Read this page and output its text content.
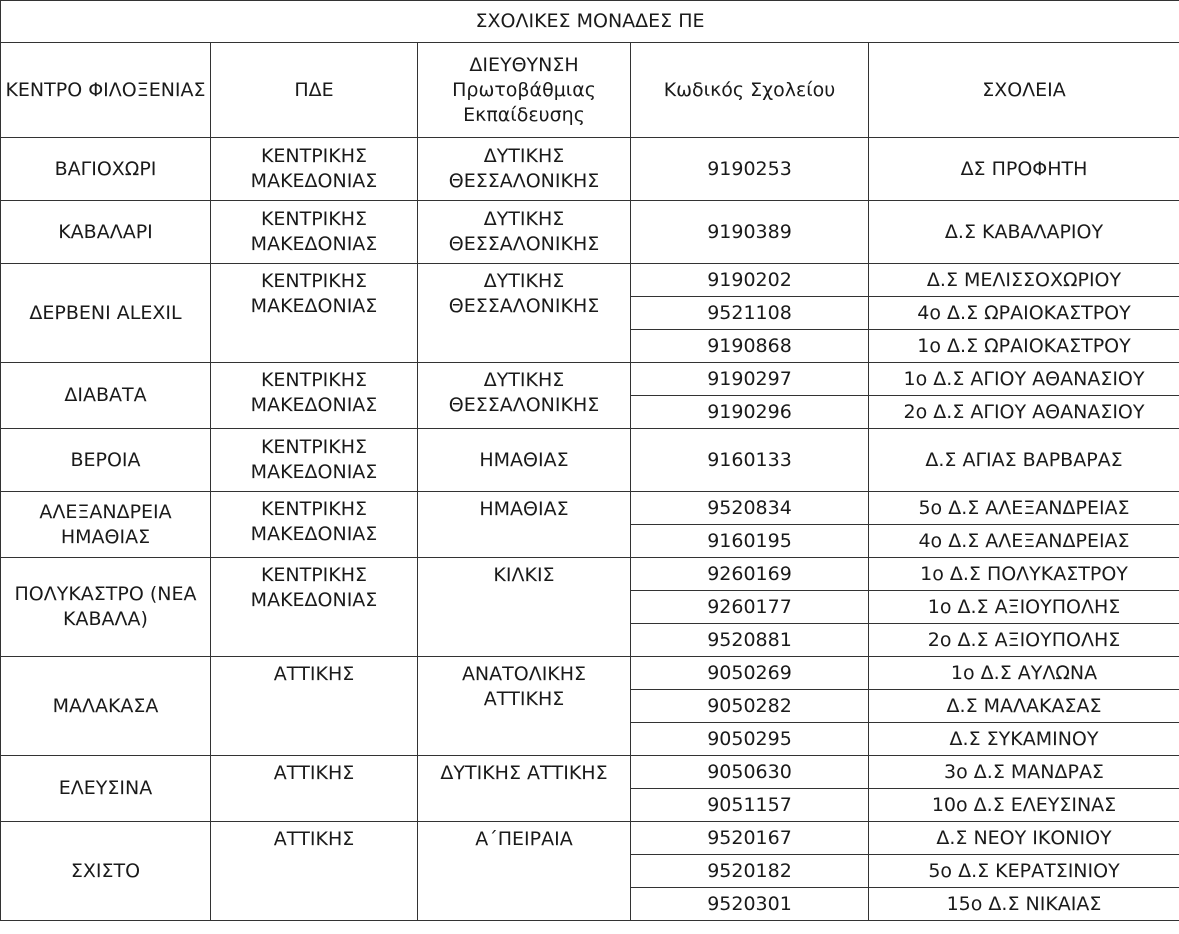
ΣΧΟΛΙΚΕΣ ΜΟΝΑΔΕΣ ΠΕ				
ΚΕΝΤΡΟ ΦΙΛΟΞΕΝΙΑΣ	ΠΔΕ	ΔΙΕΥΘΥΝΣΗ Πρωτοβάθμιας Εκπαίδευσης	Κωδικός Σχολείου	ΣΧΟΛΕΙΑ
ΒΑΓΙΟΧΩΡΙ	ΚΕΝΤΡΙΚΗΣ ΜΑΚΕΔΟΝΙΑΣ	ΔΥΤΙΚΗΣ ΘΕΣΣΑΛΟΝΙΚΗΣ	9190253	ΔΣ ΠΡΟΦΗΤΗ
ΚΑΒΑΛΑΡΙ	ΚΕΝΤΡΙΚΗΣ ΜΑΚΕΔΟΝΙΑΣ	ΔΥΤΙΚΗΣ ΘΕΣΣΑΛΟΝΙΚΗΣ	9190389	Δ.Σ ΚΑΒΑΛΑΡΙΟΥ
ΔΕΡΒΕΝΙ ALEXIL	ΚΕΝΤΡΙΚΗΣ ΜΑΚΕΔΟΝΙΑΣ	ΔΥΤΙΚΗΣ ΘΕΣΣΑΛΟΝΙΚΗΣ	9190202	Δ.Σ ΜΕΛΙΣΣΟΧΩΡΙΟΥ
			9521108	4ο Δ.Σ ΩΡΑΙΟΚΑΣΤΡΟΥ
			9190868	1ο Δ.Σ ΩΡΑΙΟΚΑΣΤΡΟΥ
ΔΙΑΒΑΤΑ	ΚΕΝΤΡΙΚΗΣ ΜΑΚΕΔΟΝΙΑΣ	ΔΥΤΙΚΗΣ ΘΕΣΣΑΛΟΝΙΚΗΣ	9190297	1ο Δ.Σ ΑΓΙΟΥ ΑΘΑΝΑΣΙΟΥ
			9190296	2ο Δ.Σ ΑΓΙΟΥ ΑΘΑΝΑΣΙΟΥ
ΒΕΡΟΙΑ	ΚΕΝΤΡΙΚΗΣ ΜΑΚΕΔΟΝΙΑΣ	ΗΜΑΘΙΑΣ	9160133	Δ.Σ ΑΓΙΑΣ ΒΑΡΒΑΡΑΣ
ΑΛΕΞΑΝΔΡΕΙΑ ΗΜΑΘΙΑΣ	ΚΕΝΤΡΙΚΗΣ ΜΑΚΕΔΟΝΙΑΣ	ΗΜΑΘΙΑΣ	9520834	5ο Δ.Σ ΑΛΕΞΑΝΔΡΕΙΑΣ
			9160195	4ο Δ.Σ ΑΛΕΞΑΝΔΡΕΙΑΣ
ΠΟΛΥΚΑΣΤΡΟ (ΝΕΑ ΚΑΒΑΛΑ)	ΚΕΝΤΡΙΚΗΣ ΜΑΚΕΔΟΝΙΑΣ	ΚΙΛΚΙΣ	9260169	1ο Δ.Σ ΠΟΛΥΚΑΣΤΡΟΥ
			9260177	1ο Δ.Σ ΑΞΙΟΥΠΟΛΗΣ
			9520881	2ο Δ.Σ ΑΞΙΟΥΠΟΛΗΣ
ΜΑΛΑΚΑΣΑ	ΑΤΤΙΚΗΣ	ΑΝΑΤΟΛΙΚΗΣ ΑΤΤΙΚΗΣ	9050269	1ο Δ.Σ ΑΥΛΩΝΑ
			9050282	Δ.Σ ΜΑΛΑΚΑΣΑΣ
			9050295	Δ.Σ ΣΥΚΑΜΙΝΟΥ
ΕΛΕΥΣΙΝΑ	ΑΤΤΙΚΗΣ	ΔΥΤΙΚΗΣ ΑΤΤΙΚΗΣ	9050630	3ο Δ.Σ ΜΑΝΔΡΑΣ
			9051157	10ο Δ.Σ ΕΛΕΥΣΙΝΑΣ
ΣΧΙΣΤΟ	ΑΤΤΙΚΗΣ	Α΄ΠΕΙΡΑΙΑ	9520167	Δ.Σ ΝΕΟΥ ΙΚΟΝΙΟΥ
			9520182	5ο Δ.Σ ΚΕΡΑΤΣΙΝΙΟΥ
			9520301	15ο Δ.Σ ΝΙΚΑΙΑΣ
